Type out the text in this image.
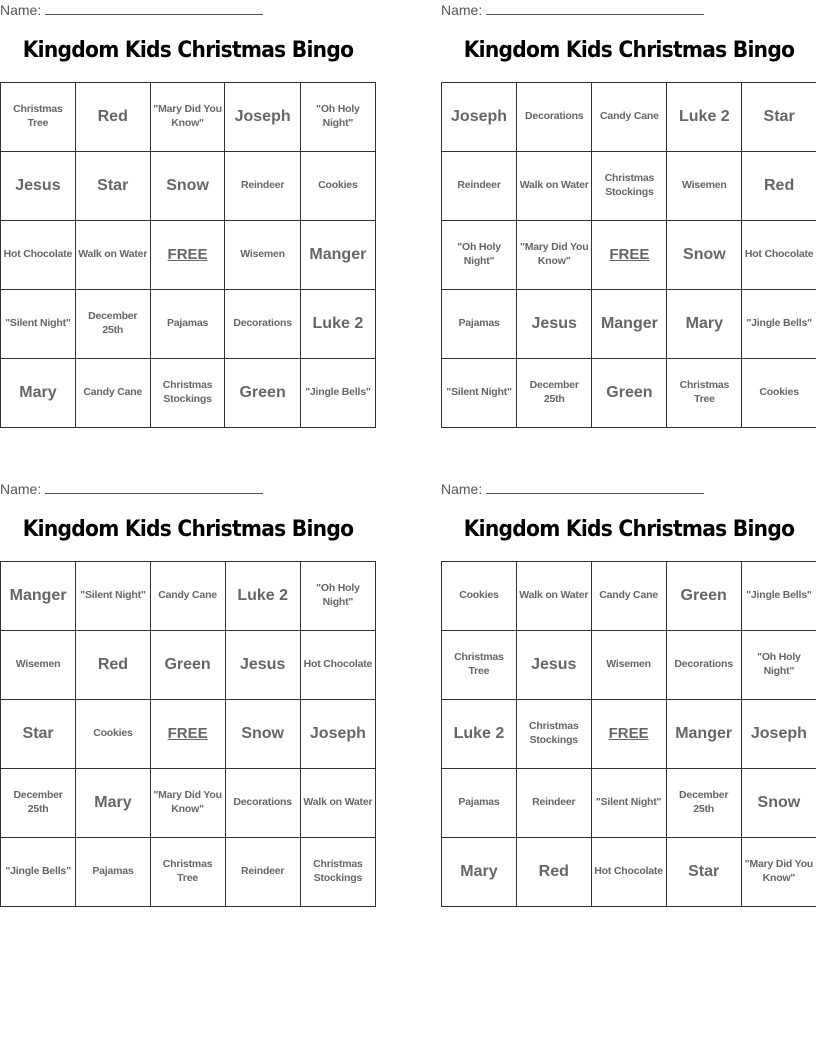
Name:
Kingdom Kids Christmas Bingo
Christmas Tree	Red	"Mary Did You Know"	Joseph	"Oh Holy Night"
Jesus	Star	Snow	Reindeer	Cookies
Hot Chocolate	Walk on Water	FREE	Wisemen	Manger
"Silent Night"	December 25th	Pajamas	Decorations	Luke 2
Mary	Candy Cane	Christmas Stockings	Green	"Jingle Bells"
Name:
Kingdom Kids Christmas Bingo
Joseph	Decorations	Candy Cane	Luke 2	Star
Reindeer	Walk on Water	Christmas Stockings	Wisemen	Red
"Oh Holy Night"	"Mary Did You Know"	FREE	Snow	Hot Chocolate
Pajamas	Jesus	Manger	Mary	"Jingle Bells"
"Silent Night"	December 25th	Green	Christmas Tree	Cookies
Name:
Kingdom Kids Christmas Bingo
Manger	"Silent Night"	Candy Cane	Luke 2	"Oh Holy Night"
Wisemen	Red	Green	Jesus	Hot Chocolate
Star	Cookies	FREE	Snow	Joseph
December 25th	Mary	"Mary Did You Know"	Decorations	Walk on Water
"Jingle Bells"	Pajamas	Christmas Tree	Reindeer	Christmas Stockings
Name:
Kingdom Kids Christmas Bingo
Cookies	Walk on Water	Candy Cane	Green	"Jingle Bells"
Christmas Tree	Jesus	Wisemen	Decorations	"Oh Holy Night"
Luke 2	Christmas Stockings	FREE	Manger	Joseph
Pajamas	Reindeer	"Silent Night"	December 25th	Snow
Mary	Red	Hot Chocolate	Star	"Mary Did You Know"
